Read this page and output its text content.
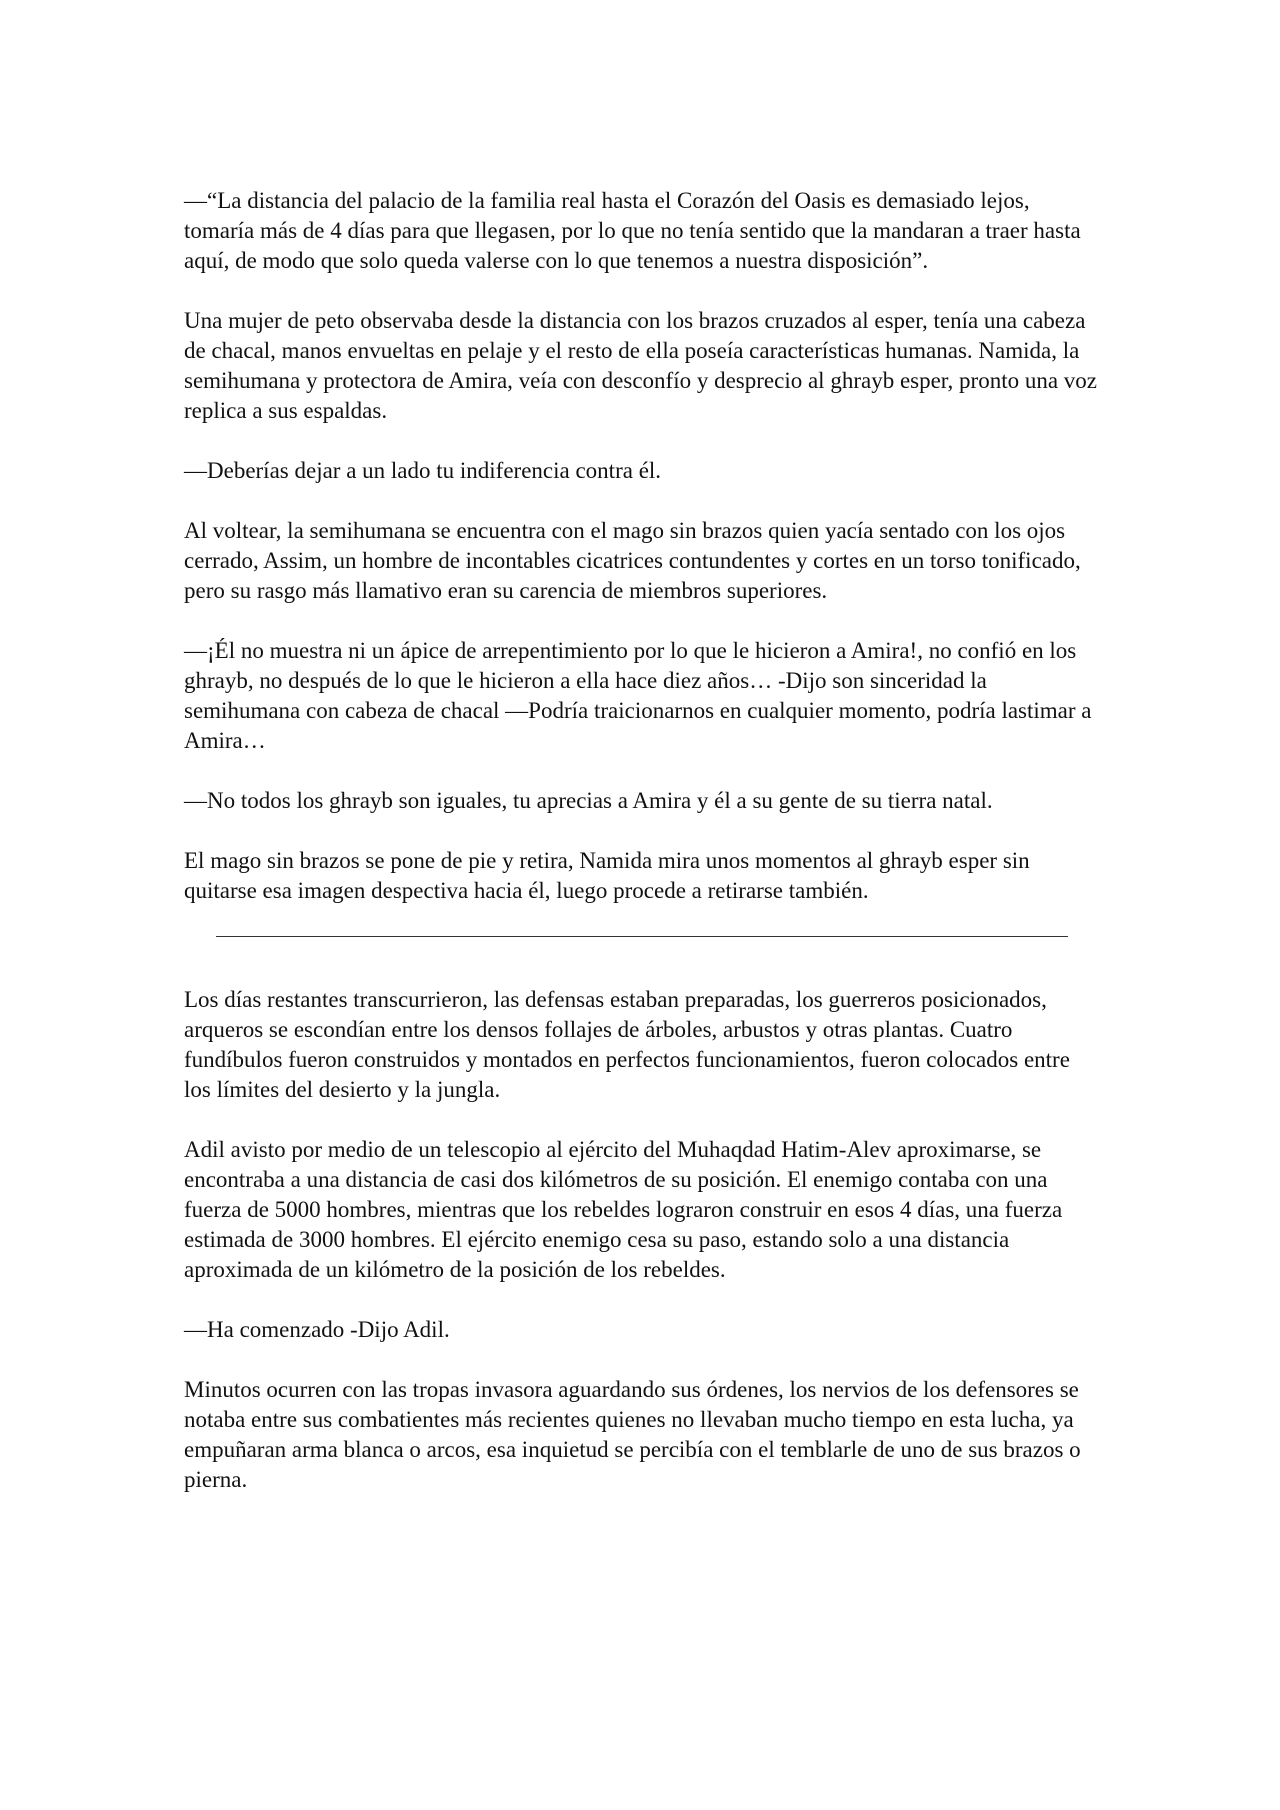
—“La distancia del palacio de la familia real hasta el Corazón del Oasis es demasiado lejos, tomaría más de 4 días para que llegasen, por lo que no tenía sentido que la mandaran a traer hasta aquí, de modo que solo queda valerse con lo que tenemos a nuestra disposición”.

Una mujer de peto observaba desde la distancia con los brazos cruzados al esper, tenía una cabeza de chacal, manos envueltas en pelaje y el resto de ella poseía características humanas. Namida, la semihumana y protectora de Amira, veía con desconfío y desprecio al ghrayb esper, pronto una voz replica a sus espaldas.

—Deberías dejar a un lado tu indiferencia contra él.

Al voltear, la semihumana se encuentra con el mago sin brazos quien yacía sentado con los ojos cerrado, Assim, un hombre de incontables cicatrices contundentes y cortes en un torso tonificado, pero su rasgo más llamativo eran su carencia de miembros superiores.

—¡Él no muestra ni un ápice de arrepentimiento por lo que le hicieron a Amira!, no confió en los ghrayb, no después de lo que le hicieron a ella hace diez años… -Dijo son sinceridad la semihumana con cabeza de chacal —Podría traicionarnos en cualquier momento, podría lastimar a Amira…

—No todos los ghrayb son iguales, tu aprecias a Amira y él a su gente de su tierra natal.

El mago sin brazos se pone de pie y retira, Namida mira unos momentos al ghrayb esper sin quitarse esa imagen despectiva hacia él, luego procede a retirarse también.

Los días restantes transcurrieron, las defensas estaban preparadas, los guerreros posicionados, arqueros se escondían entre los densos follajes de árboles, arbustos y otras plantas. Cuatro fundíbulos fueron construidos y montados en perfectos funcionamientos, fueron colocados entre los límites del desierto y la jungla.

Adil avisto por medio de un telescopio al ejército del Muhaqdad Hatim-Alev aproximarse, se encontraba a una distancia de casi dos kilómetros de su posición. El enemigo contaba con una fuerza de 5000 hombres, mientras que los rebeldes lograron construir en esos 4 días, una fuerza estimada de 3000 hombres. El ejército enemigo cesa su paso, estando solo a una distancia aproximada de un kilómetro de la posición de los rebeldes.

—Ha comenzado -Dijo Adil.

Minutos ocurren con las tropas invasora aguardando sus órdenes, los nervios de los defensores se notaba entre sus combatientes más recientes quienes no llevaban mucho tiempo en esta lucha, ya empuñaran arma blanca o arcos, esa inquietud se percibía con el temblarle de uno de sus brazos o pierna.
